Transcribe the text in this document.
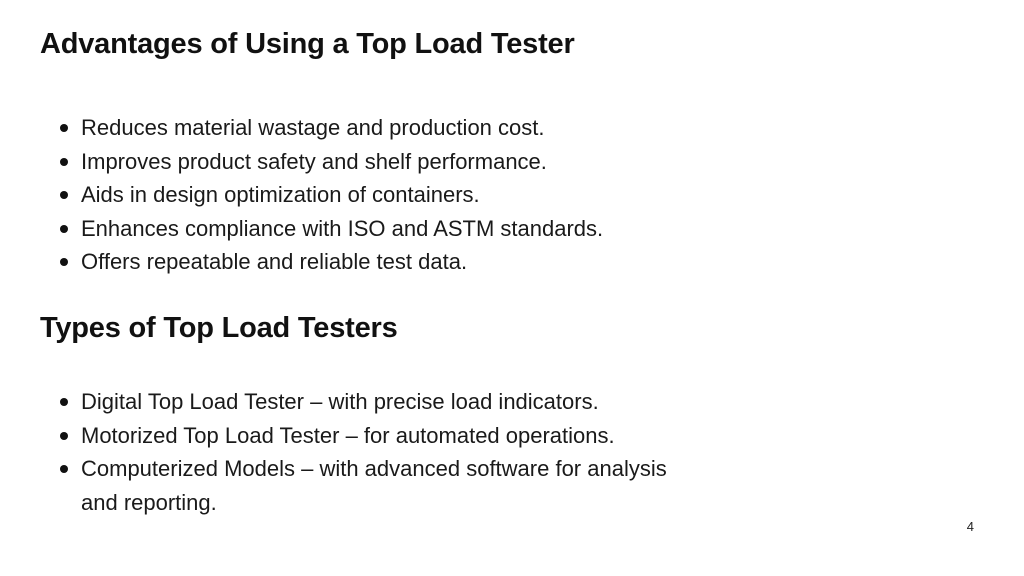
Advantages of Using a Top Load Tester
Reduces material wastage and production cost.
Improves product safety and shelf performance.
Aids in design optimization of containers.
Enhances compliance with ISO and ASTM standards.
Offers repeatable and reliable test data.
Types of Top Load Testers
Digital Top Load Tester – with precise load indicators.
Motorized Top Load Tester – for automated operations.
Computerized Models – with advanced software for analysis and reporting.
4
